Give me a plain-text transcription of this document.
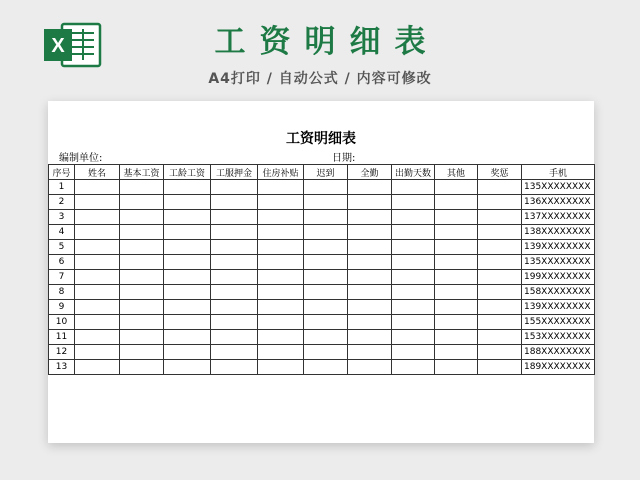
X	工资明细表
A4打印 / 自动公式 / 内容可修改
工资明细表
编制单位:	日期:
序号	姓名	基本工资	工龄工资	工服押金	住房补贴	迟到	全勤	出勤天数	其他	奖惩	手机
1											135XXXXXXXX
2											136XXXXXXXX
3											137XXXXXXXX
4											138XXXXXXXX
5											139XXXXXXXX
6											135XXXXXXXX
7											199XXXXXXXX
8											158XXXXXXXX
9											139XXXXXXXX
10											155XXXXXXXX
11											153XXXXXXXX
12											188XXXXXXXX
13											189XXXXXXXX
